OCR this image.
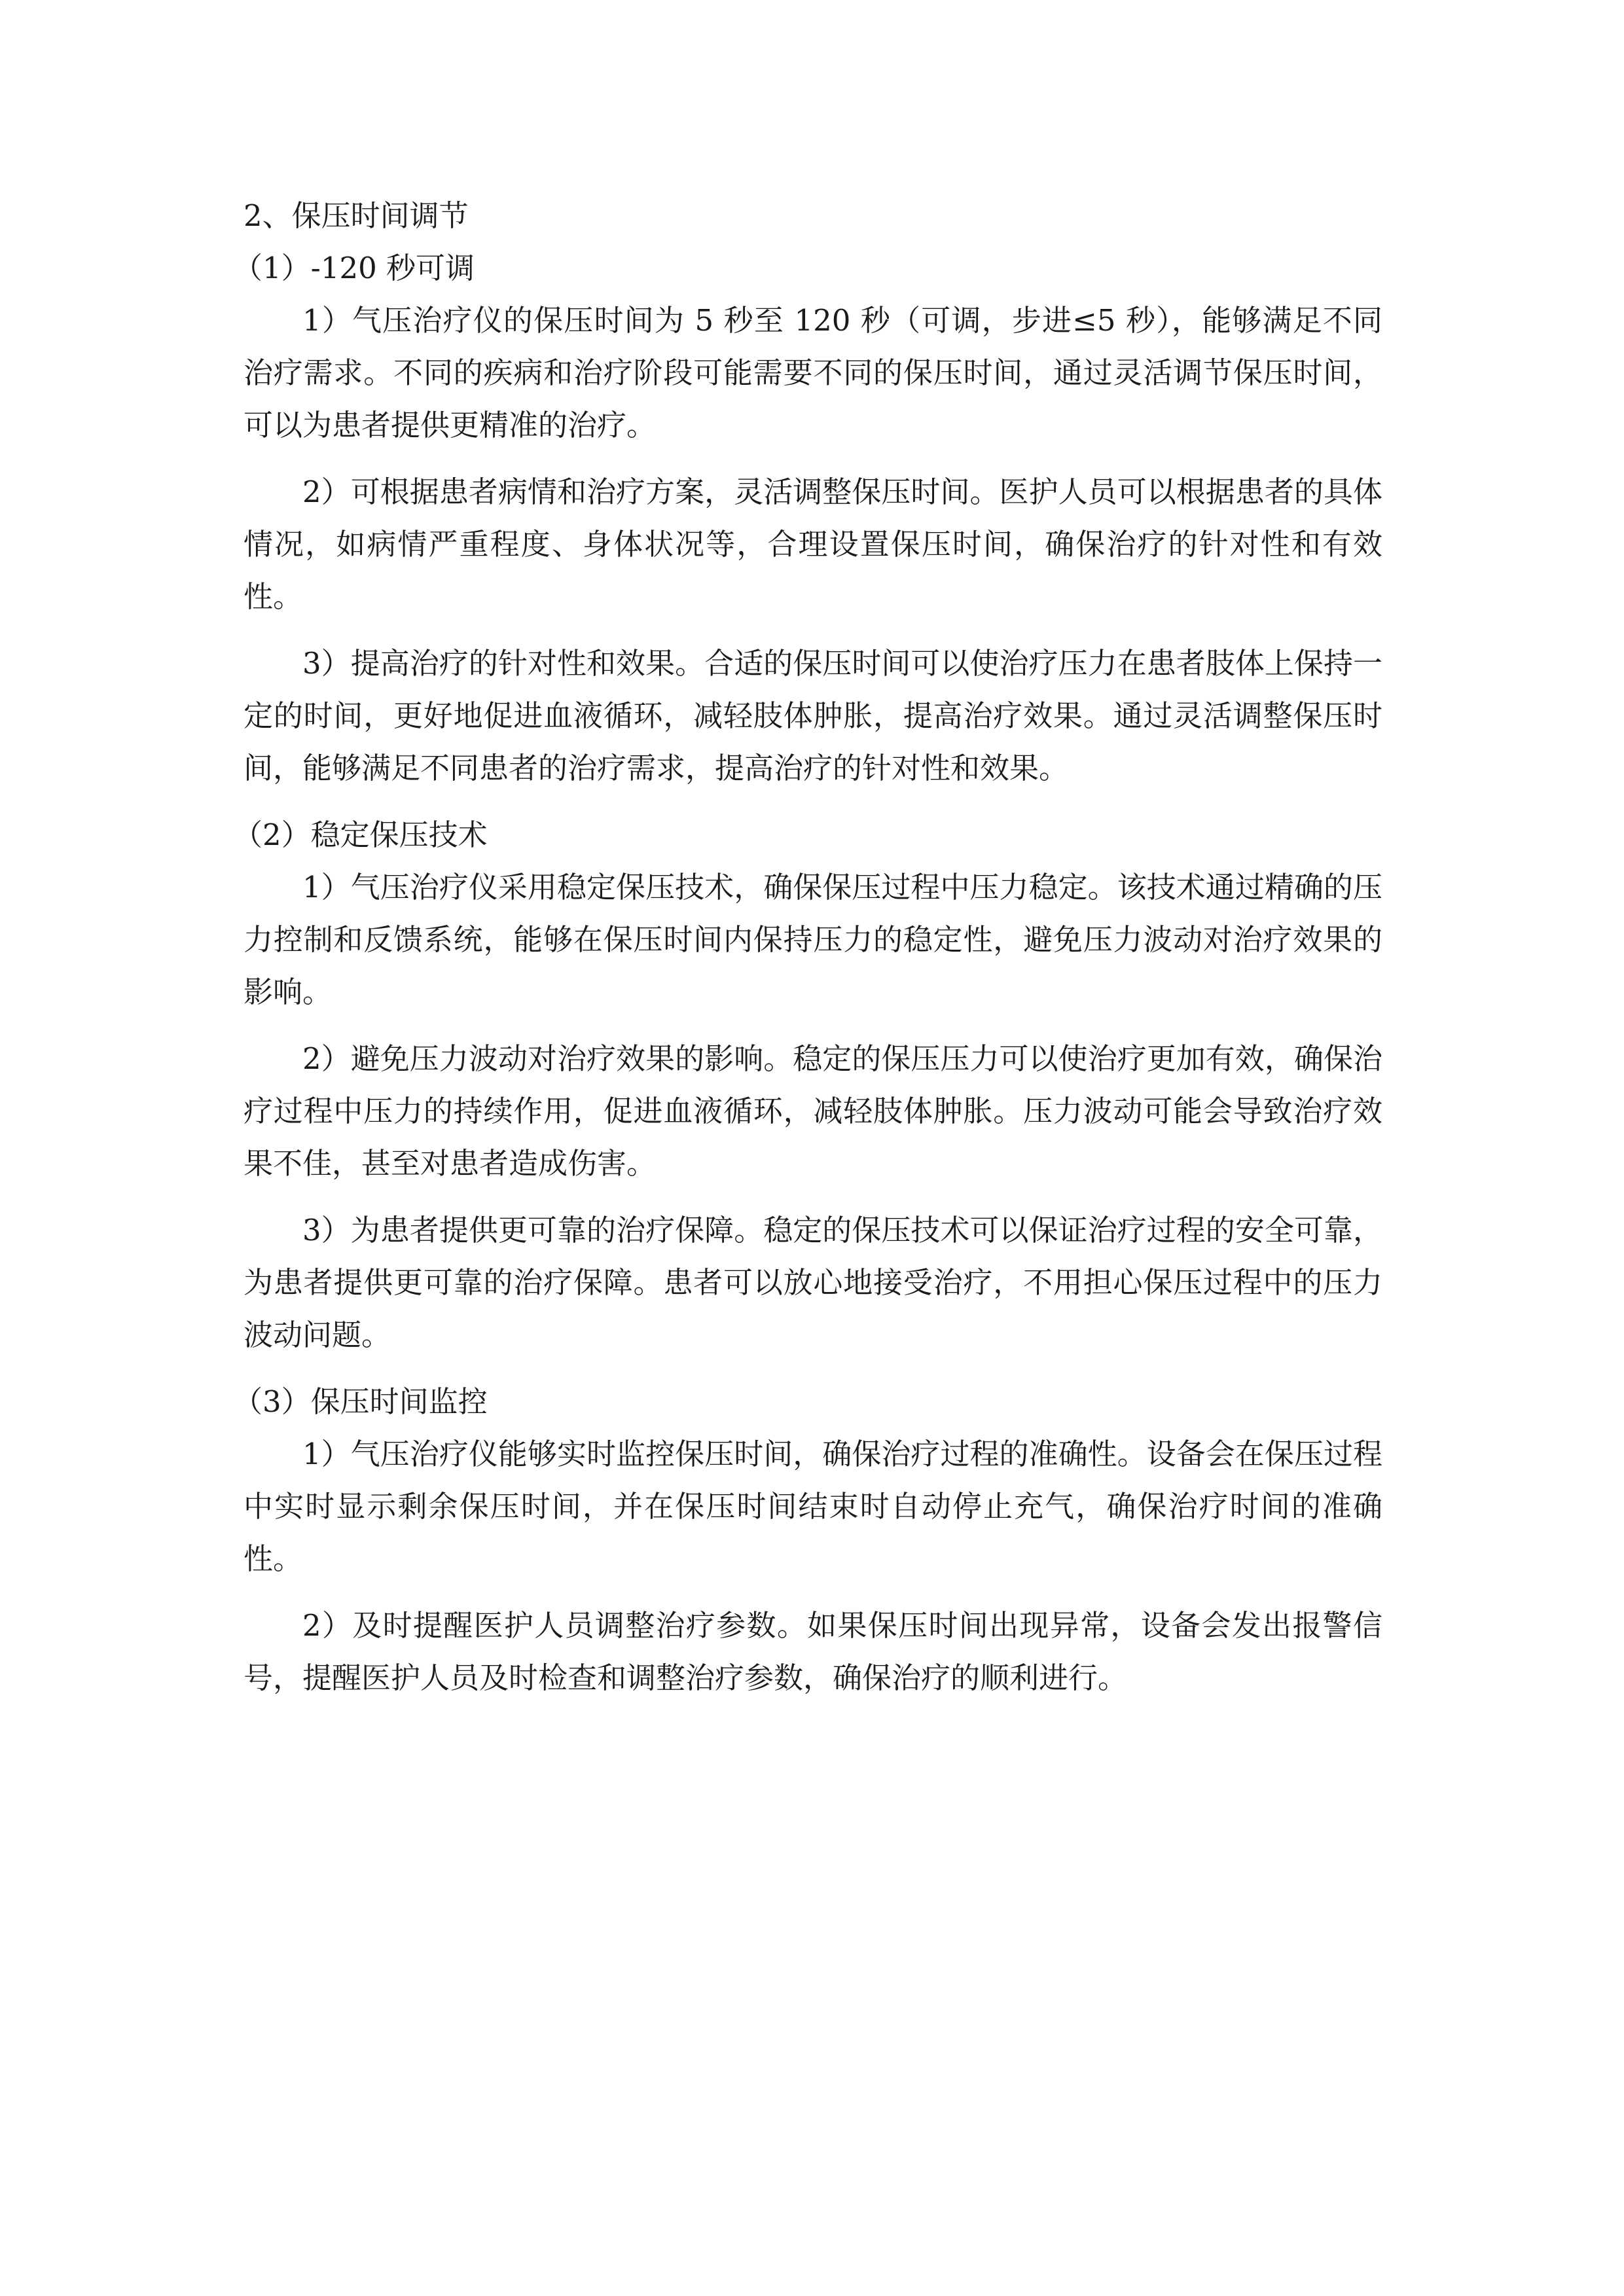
2、保压时间调节

（1）-120 秒可调

1）气压治疗仪的保压时间为 5 秒至 120 秒（可调，步进≤5 秒），能够满足不同治疗需求。不同的疾病和治疗阶段可能需要不同的保压时间，通过灵活调节保压时间，可以为患者提供更精准的治疗。

2）可根据患者病情和治疗方案，灵活调整保压时间。医护人员可以根据患者的具体情况，如病情严重程度、身体状况等，合理设置保压时间，确保治疗的针对性和有效性。

3）提高治疗的针对性和效果。合适的保压时间可以使治疗压力在患者肢体上保持一定的时间，更好地促进血液循环，减轻肢体肿胀，提高治疗效果。通过灵活调整保压时间，能够满足不同患者的治疗需求，提高治疗的针对性和效果。

（2）稳定保压技术

1）气压治疗仪采用稳定保压技术，确保保压过程中压力稳定。该技术通过精确的压力控制和反馈系统，能够在保压时间内保持压力的稳定性，避免压力波动对治疗效果的影响。

2）避免压力波动对治疗效果的影响。稳定的保压压力可以使治疗更加有效，确保治疗过程中压力的持续作用，促进血液循环，减轻肢体肿胀。压力波动可能会导致治疗效果不佳，甚至对患者造成伤害。

3）为患者提供更可靠的治疗保障。稳定的保压技术可以保证治疗过程的安全可靠，为患者提供更可靠的治疗保障。患者可以放心地接受治疗，不用担心保压过程中的压力波动问题。

（3）保压时间监控

1）气压治疗仪能够实时监控保压时间，确保治疗过程的准确性。设备会在保压过程中实时显示剩余保压时间，并在保压时间结束时自动停止充气，确保治疗时间的准确性。

2）及时提醒医护人员调整治疗参数。如果保压时间出现异常，设备会发出报警信号，提醒医护人员及时检查和调整治疗参数，确保治疗的顺利进行。
